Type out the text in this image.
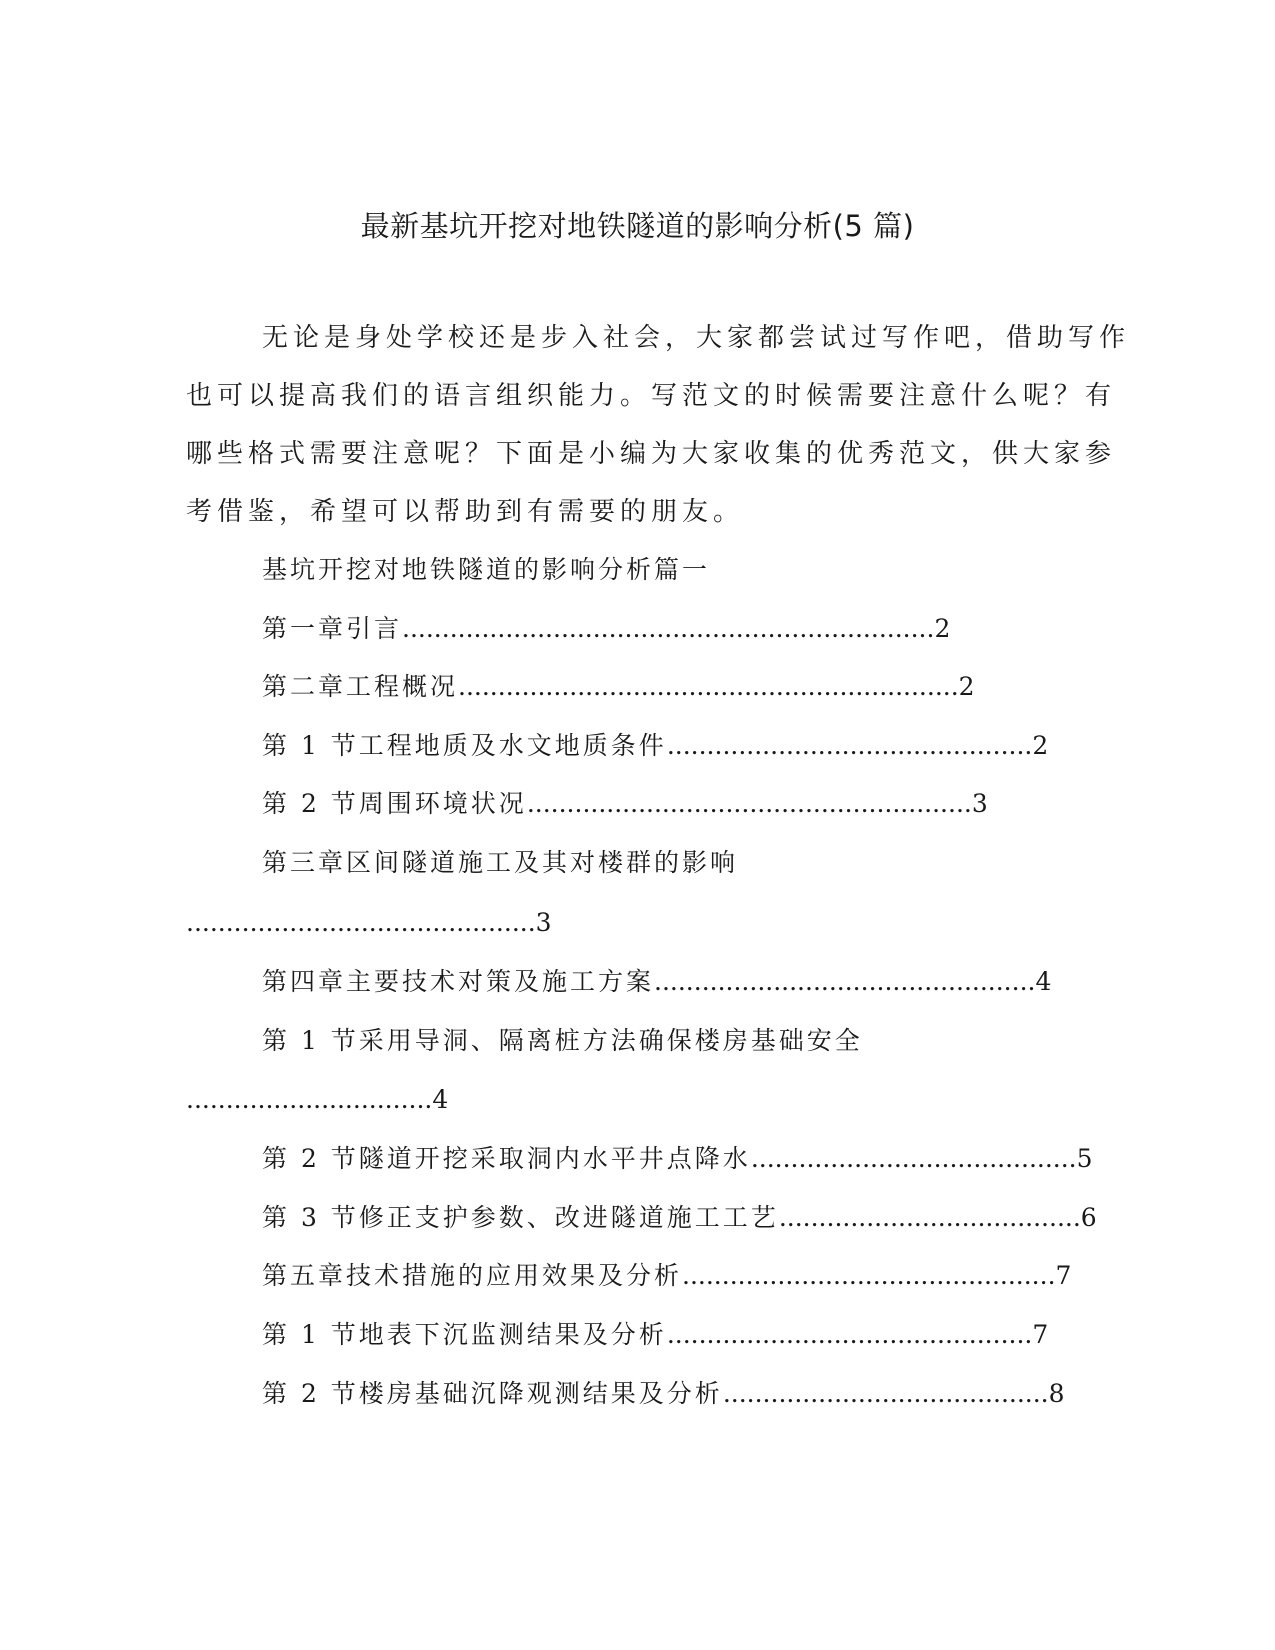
最新基坑开挖对地铁隧道的影响分析(5 篇)
无论是身处学校还是步入社会，大家都尝试过写作吧，借助写作
也可以提高我们的语言组织能力。写范文的时候需要注意什么呢？有
哪些格式需要注意呢？下面是小编为大家收集的优秀范文，供大家参
考借鉴，希望可以帮助到有需要的朋友。
基坑开挖对地铁隧道的影响分析篇一
第一章引言...................................................................2
第二章工程概况...............................................................2
第 1 节工程地质及水文地质条件..............................................2
第 2 节周围环境状况........................................................3
第三章区间隧道施工及其对楼群的影响
............................................3
第四章主要技术对策及施工方案................................................4
第 1 节采用导洞、隔离桩方法确保楼房基础安全
...............................4
第 2 节隧道开挖采取洞内水平井点降水.........................................5
第 3 节修正支护参数、改进隧道施工工艺......................................6
第五章技术措施的应用效果及分析...............................................7
第 1 节地表下沉监测结果及分析..............................................7
第 2 节楼房基础沉降观测结果及分析.........................................8
